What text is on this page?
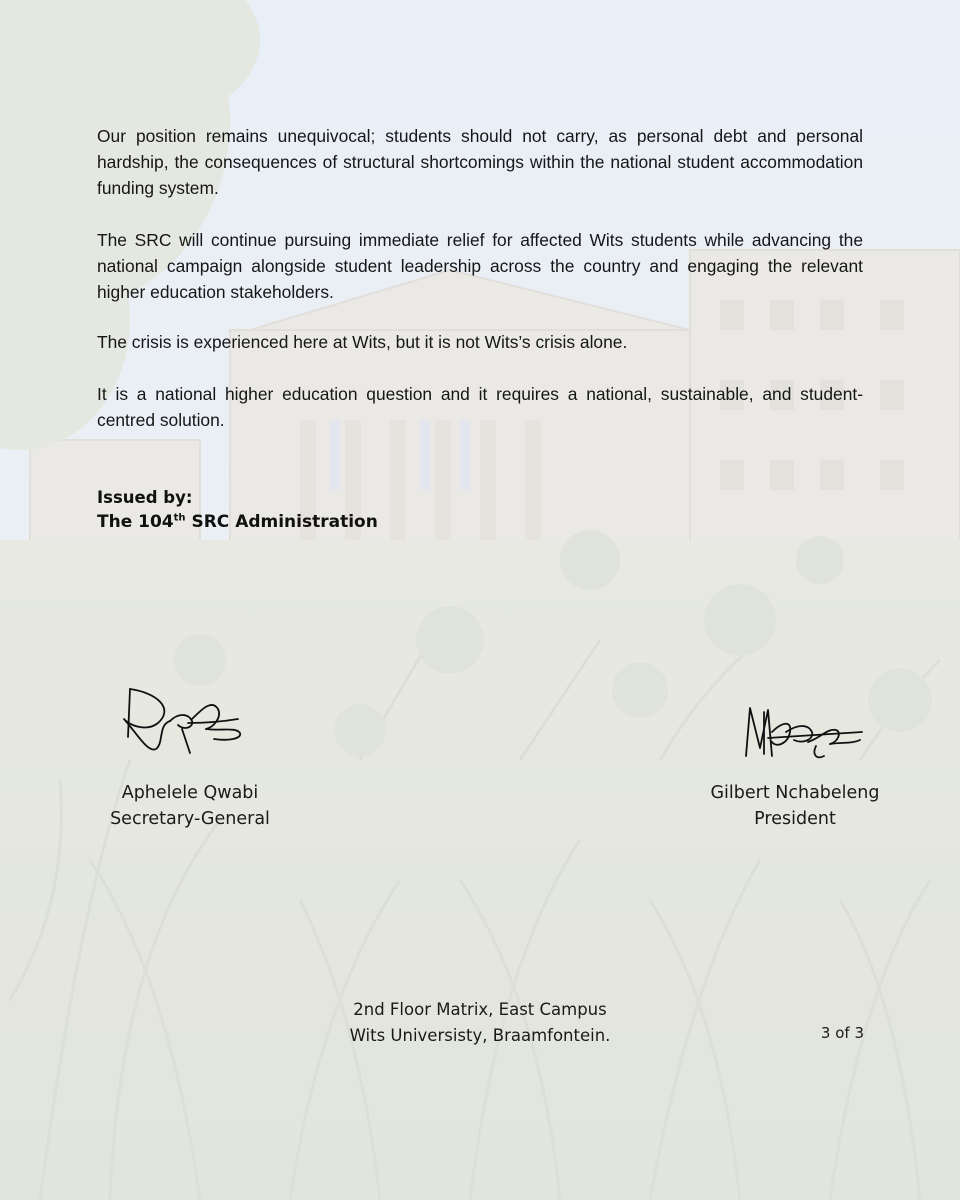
Our position remains unequivocal; students should not carry, as personal debt and personal hardship, the consequences of structural shortcomings within the national student accommodation funding system.

The SRC will continue pursuing immediate relief for affected Wits students while advancing the national campaign alongside student leadership across the country and engaging the relevant higher education stakeholders.

The crisis is experienced here at Wits, but it is not Wits’s crisis alone.

It is a national higher education question and it requires a national, sustainable, and student-centred solution.

Issued by:
The 104th SRC Administration
Aphelele Qwabi
Secretary-General
Gilbert Nchabeleng
President
2nd Floor Matrix, East Campus
Wits Universisty, Braamfontein.	3 of 3
